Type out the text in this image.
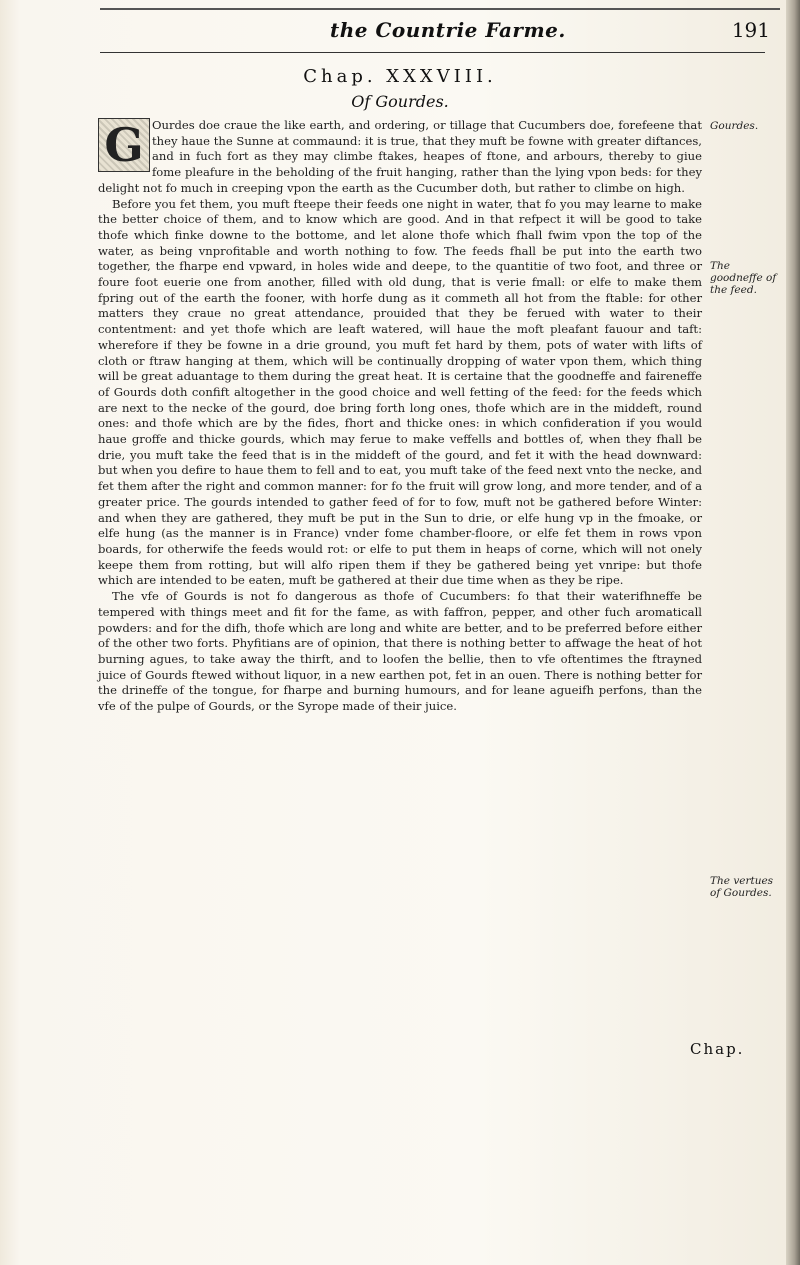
the Countrie Farme.	191
Chap. XXXVIII.
Of Gourdes.

Ourdes doe craue the like earth, and ordering, or tillage that Cucumbers doe, forefeene that they haue the Sunne at commaund: it is true, that they muft be fowne with greater diftances, and in fuch fort as they may climbe ftakes, heapes of ftone, and arbours, thereby to giue fome pleafure in the beholding of the fruit hanging, rather than the lying vpon beds: for they delight not fo much in creeping vpon the earth as the Cucumber doth, but rather to climbe on high.

Before you fet them, you muft fteepe their feeds one night in water, that fo you may learne to make the better choice of them, and to know which are good. And in that refpect it will be good to take thofe which finke downe to the bottome, and let alone thofe which fhall fwim vpon the top of the water, as being vnprofitable and worth nothing to fow. The feeds fhall be put into the earth two together, the fharpe end vpward, in holes wide and deepe, to the quantitie of two foot, and three or foure foot euerie one from another, filled with old dung, that is verie fmall: or elfe to make them fpring out of the earth the fooner, with horfe dung as it commeth all hot from the ftable: for other matters they craue no great attendance, prouided that they be ferued with water to their contentment: and yet thofe which are leaft watered, will haue the moft pleafant fauour and taft: wherefore if they be fowne in a drie ground, you muft fet hard by them, pots of water with lifts of cloth or ftraw hanging at them, which will be continually dropping of water vpon them, which thing will be great aduantage to them during the great heat. It is certaine that the goodneffe and faireneffe of Gourds doth confift altogether in the good choice and well fetting of the feed: for the feeds which are next to the necke of the gourd, doe bring forth long ones, thofe which are in the middeft, round ones: and thofe which are by the fides, fhort and thicke ones: in which confideration if you would haue groffe and thicke gourds, which may ferue to make veffells and bottles of, when they fhall be drie, you muft take the feed that is in the middeft of the gourd, and fet it with the head downward: but when you defire to haue them to fell and to eat, you muft take of the feed next vnto the necke, and fet them after the right and common manner: for fo the fruit will grow long, and more tender, and of a greater price. The gourds intended to gather feed of for to fow, muft not be gathered before Winter: and when they are gathered, they muft be put in the Sun to drie, or elfe hung vp in the fmoake, or elfe hung (as the manner is in France) vnder fome chamber-floore, or elfe fet them in rows vpon boards, for otherwife the feeds would rot: or elfe to put them in heaps of corne, which will not onely keepe them from rotting, but will alfo ripen them if they be gathered being yet vnripe: but thofe which are intended to be eaten, muft be gathered at their due time when as they be ripe.

The vfe of Gourds is not fo dangerous as thofe of Cucumbers: fo that their waterifhneffe be tempered with things meet and fit for the fame, as with faffron, pepper, and other fuch aromaticall powders: and for the difh, thofe which are long and white are better, and to be preferred before either of the other two forts. Phyfitians are of opinion, that there is nothing better to affwage the heat of hot burning agues, to take away the thirft, and to loofen the bellie, then to vfe oftentimes the ftrayned juice of Gourds ftewed without liquor, in a new earthen pot, fet in an ouen. There is nothing better for the drineffe of the tongue, for fharpe and burning humours, and for leane agueifh perfons, than the vfe of the pulpe of Gourds, or the Syrope made of their juice.

G	Gourdes.
The goodneffe of the feed.
The vertues of Gourdes.
Chap.
